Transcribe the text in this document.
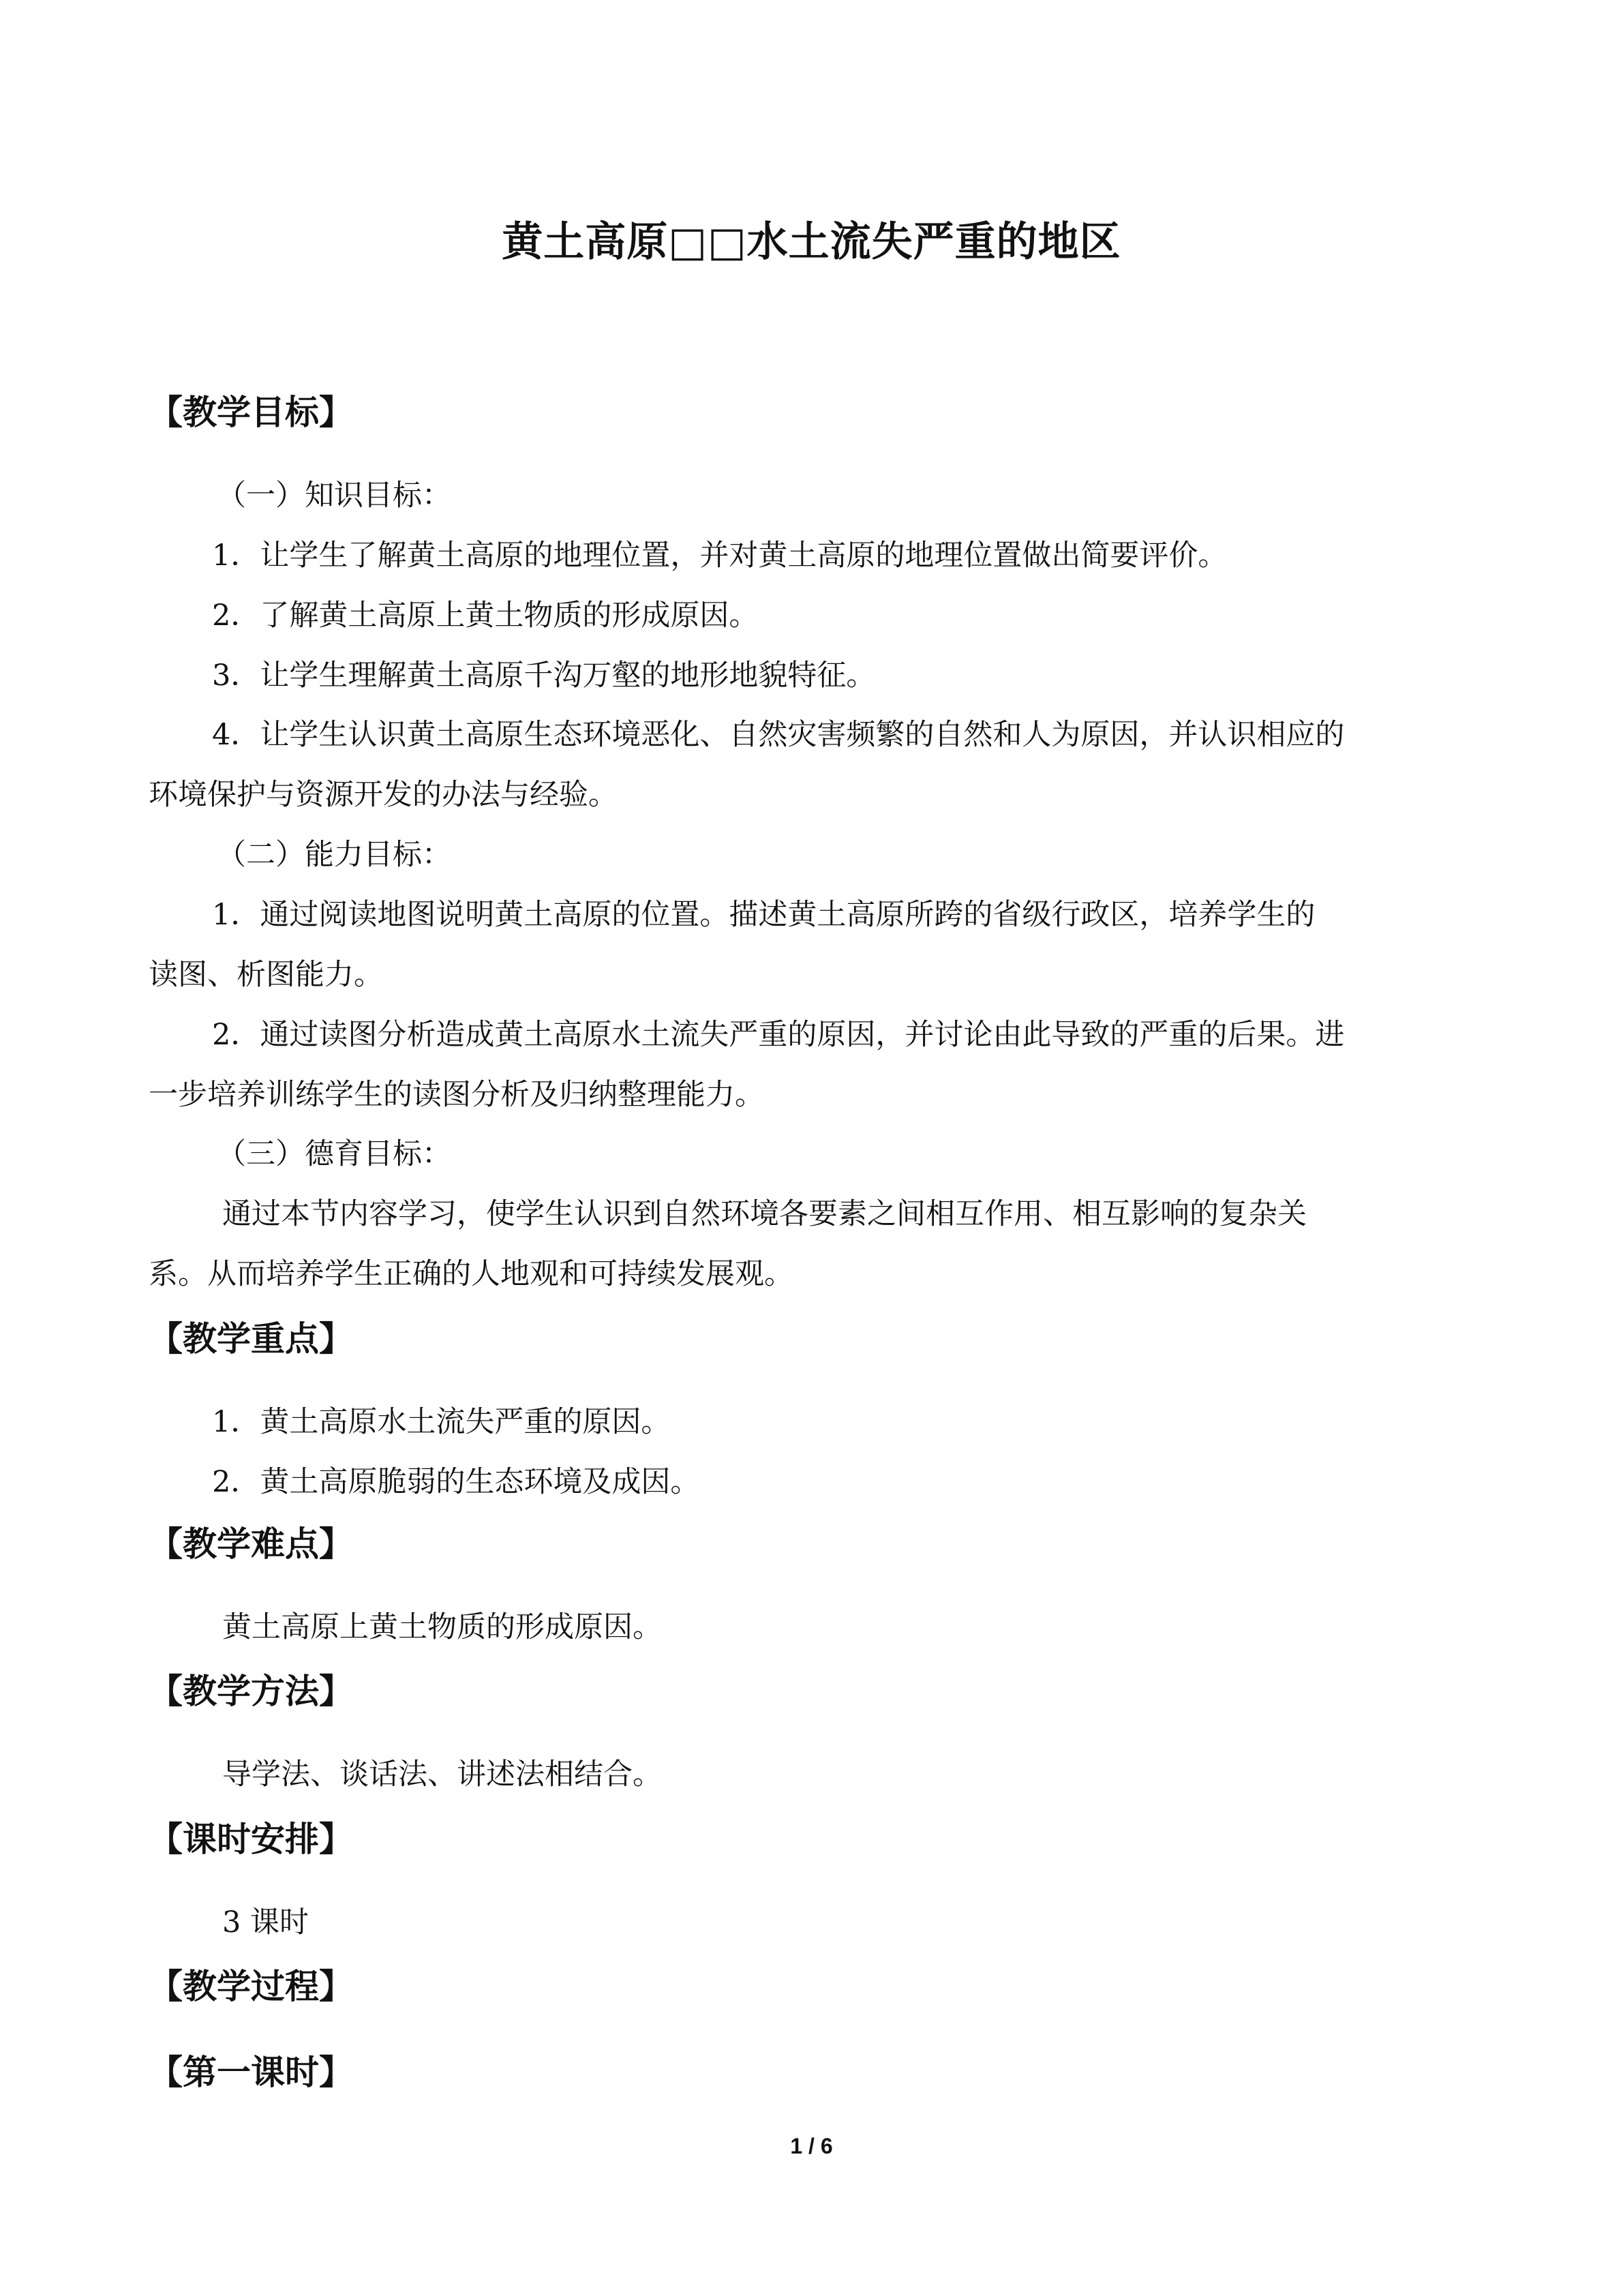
黄土高原□□水土流失严重的地区
【教学目标】
（一）知识目标：
1．让学生了解黄土高原的地理位置，并对黄土高原的地理位置做出简要评价。
2．了解黄土高原上黄土物质的形成原因。
3．让学生理解黄土高原千沟万壑的地形地貌特征。
4．让学生认识黄土高原生态环境恶化、自然灾害频繁的自然和人为原因，并认识相应的
环境保护与资源开发的办法与经验。
（二）能力目标：
1．通过阅读地图说明黄土高原的位置。描述黄土高原所跨的省级行政区，培养学生的
读图、析图能力。
2．通过读图分析造成黄土高原水土流失严重的原因，并讨论由此导致的严重的后果。进
一步培养训练学生的读图分析及归纳整理能力。
（三）德育目标：
通过本节内容学习，使学生认识到自然环境各要素之间相互作用、相互影响的复杂关
系。从而培养学生正确的人地观和可持续发展观。
【教学重点】
1．黄土高原水土流失严重的原因。
2．黄土高原脆弱的生态环境及成因。
【教学难点】
黄土高原上黄土物质的形成原因。
【教学方法】
导学法、谈话法、讲述法相结合。
【课时安排】
3 课时
【教学过程】
【第一课时】
1 / 6
